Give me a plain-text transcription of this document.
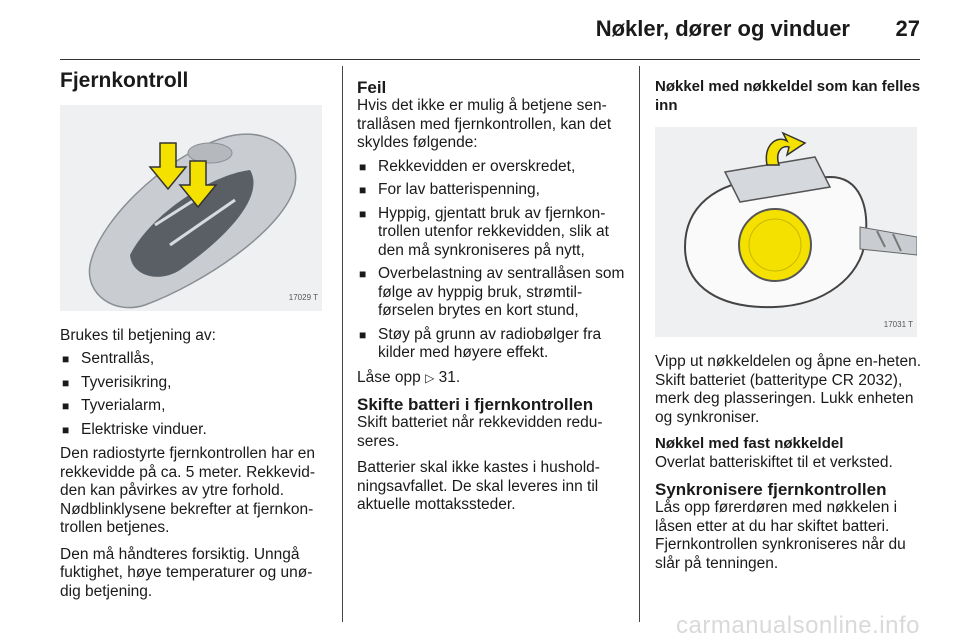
Nøkler, dører og vinduer 27
Fjernkontroll
17029 T

Brukes til betjening av:

■ Sentrallås,
■ Tyverisikring,
■ Tyverialarm,
■ Elektriske vinduer.

Den radiostyrte fjernkontrollen har en rekkevidde på ca. 5 meter. Rekkevid-den kan påvirkes av ytre forhold. Nødblinklysene bekrefter at fjernkon-trollen betjenes.

Den må håndteres forsiktig. Unngå fuktighet, høye temperaturer og unø-dig betjening.

Feil

Hvis det ikke er mulig å betjene sen-trallåsen med fjernkontrollen, kan det skyldes følgende:

■ Rekkevidden er overskredet,
■ For lav batterispenning,
■ Hyppig, gjentatt bruk av fjernkon-trollen utenfor rekkevidden, slik at den må synkroniseres på nytt,
■ Overbelastning av sentrallåsen som følge av hyppig bruk, strømtil-førselen brytes en kort stund,
■ Støy på grunn av radiobølger fra kilder med høyere effekt.

Låse opp ▷ 31.

Skifte batteri i fjernkontrollen

Skift batteriet når rekkevidden redu-seres.

Batterier skal ikke kastes i hushold-ningsavfallet. De skal leveres inn til aktuelle mottakssteder.

Nøkkel med nøkkeldel som kan felles inn
17031 T

Vipp ut nøkkeldelen og åpne en-heten. Skift batteriet (batteritype CR 2032), merk deg plasseringen. Lukk enheten og synkroniser.

Nøkkel med fast nøkkeldel

Overlat batteriskiftet til et verksted.

Synkronisere fjernkontrollen

Lås opp førerdøren med nøkkelen i låsen etter at du har skiftet batteri. Fjernkontrollen synkroniseres når du slår på tenningen.

carmanualsonline.info
